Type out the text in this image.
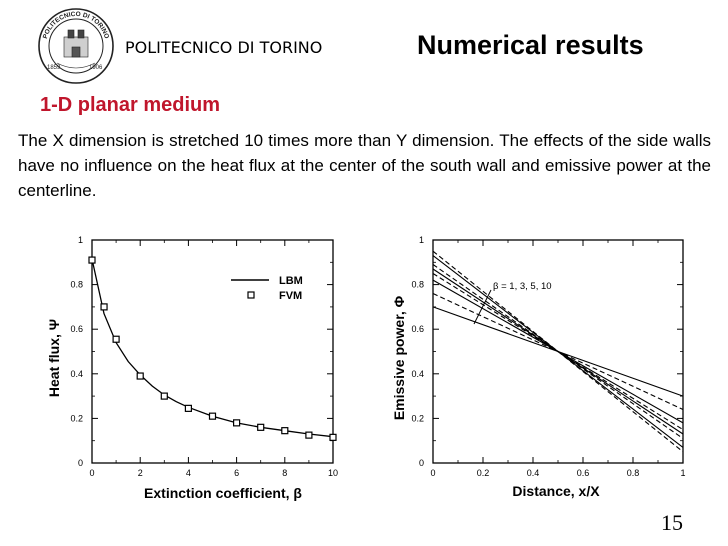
POLITECNICO DI TORINO
1859	1906
POLITECNICO DI TORINO	Numerical results
1-D planar medium
The X dimension is stretched 10 times more than Y dimension. The effects of the side walls have no influence on the heat flux at the center of the south wall and emissive power at the centerline.
0	2	4	6	8	10
0
0.2
0.4
0.6
0.8
1
LBM
FVM
Extinction coefficient, β
Heat flux, Ψ
0	0.2	0.4	0.6	0.8	1
0
0.2
0.4
0.6
0.8
1
β = 1, 3, 5, 10
Distance, x/X
Emissive power, Φ
15
